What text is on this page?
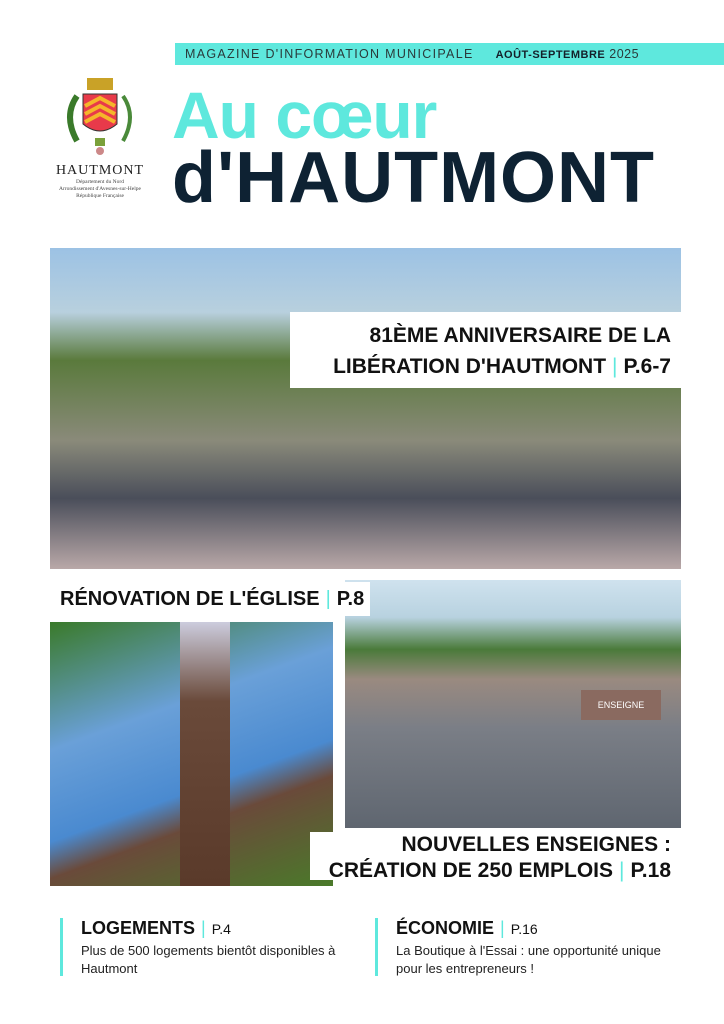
MAGAZINE D'INFORMATION MUNICIPALE AOÛT-SEPTEMBRE 2025
HAUTMONT
Département du Nord
Arrondissement d'Avesnes-sur-Helpe
République Française
Au cœur
d'HAUTMONT
81ÈME ANNIVERSAIRE DE LA
LIBÉRATION D'HAUTMONT | P.6-7
ENSEIGNE
RÉNOVATION DE L'ÉGLISE | P.8
NOUVELLES ENSEIGNES :
CRÉATION DE 250 EMPLOIS | P.18
LOGEMENTS | P.4

Plus de 500 logements bientôt disponibles à Hautmont

ÉCONOMIE | P.16

La Boutique à l'Essai : une opportunité unique pour les entrepreneurs !
